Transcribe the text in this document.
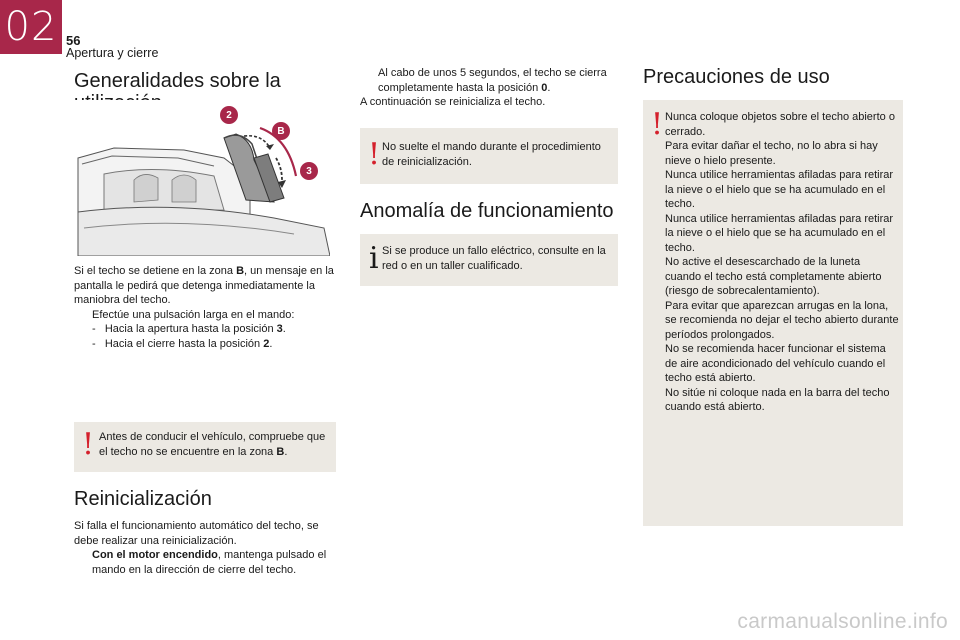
02 56
Apertura y cierre
Generalidades sobre la
2
B
3

Si el techo se detiene en la zona B, un mensaje en la pantalla le pedirá que detenga inmediatamente la maniobra del techo.

Efectúe una pulsación larga en el mando:

- Hacia la apertura hasta la posición 3.

- Hacia el cierre hasta la posición 2.

! Antes de conducir el vehículo, compruebe que el techo no se encuentre en la zona B.
Reinicialización

Si falla el funcionamiento automático del techo, se debe realizar una reinicialización.

Con el motor encendido, mantenga pulsado el mando en la dirección de cierre del techo.

Al cabo de unos 5 segundos, el techo se cierra completamente hasta la posición 0.

A continuación se reinicializa el techo.

! No suelte el mando durante el procedimiento de reinicialización.
Anomalía de funcionamiento
i Si se produce un fallo eléctrico, consulte en la red o en un taller cualificado.
Precauciones de uso
! Nunca coloque objetos sobre el techo abierto o cerrado.

Para evitar dañar el techo, no lo abra si hay nieve o hielo presente.

Nunca utilice herramientas afiladas para retirar la nieve o el hielo que se ha acumulado en el techo.

Nunca utilice herramientas afiladas para retirar la nieve o el hielo que se ha acumulado en el techo.

No active el desescarchado de la luneta cuando el techo está completamente abierto (riesgo de sobrecalentamiento).

Para evitar que aparezcan arrugas en la lona, se recomienda no dejar el techo abierto durante períodos prolongados.

No se recomienda hacer funcionar el sistema de aire acondicionado del vehículo cuando el techo está abierto.

No sitúe ni coloque nada en la barra del techo cuando está abierto.

carmanualsonline.info
